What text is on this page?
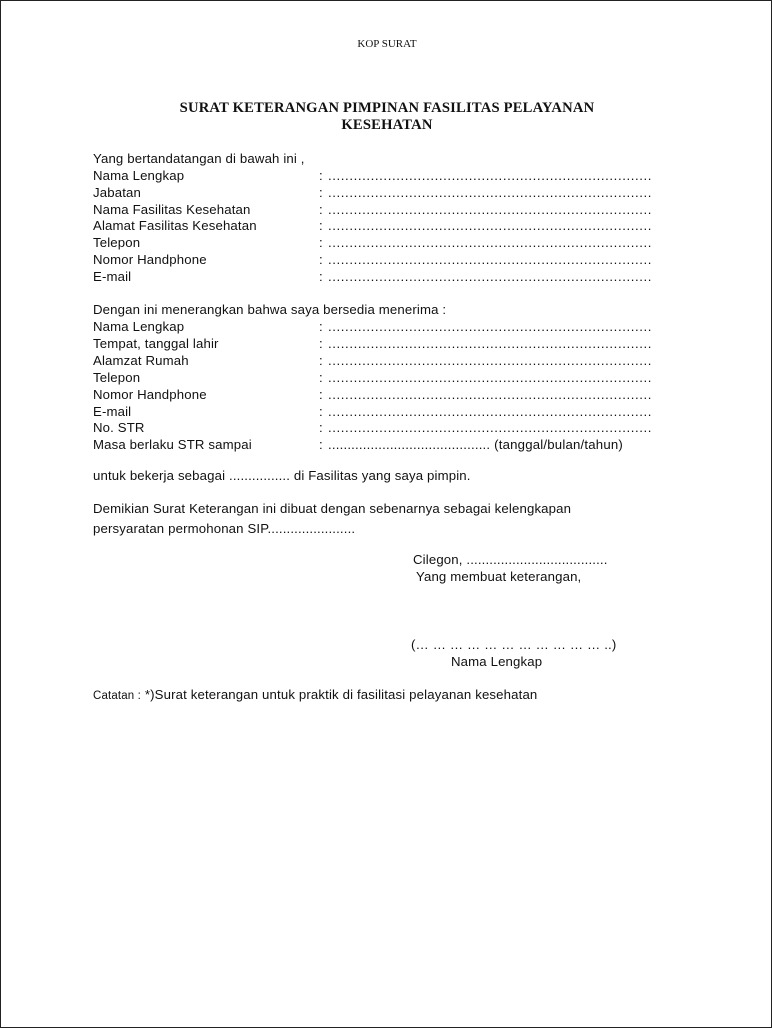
KOP SURAT
SURAT KETERANGAN PIMPINAN FASILITAS PELAYANAN
KESEHATAN
Yang bertandatangan di bawah ini ,
Nama Lengkap	: ............................................................................
Jabatan	: ............................................................................
Nama Fasilitas Kesehatan	: ............................................................................
Alamat Fasilitas Kesehatan	: ............................................................................
Telepon	: ............................................................................
Nomor Handphone	: ............................................................................
E-mail	: ............................................................................
Dengan ini menerangkan bahwa saya bersedia menerima :
Nama Lengkap	: ............................................................................
Tempat, tanggal lahir	: ............................................................................
Alamzat Rumah	: ............................................................................
Telepon	: ............................................................................
Nomor Handphone	: ............................................................................
E-mail	: ............................................................................
No. STR	: ............................................................................
Masa berlaku STR sampai	: .......................................... (tanggal/bulan/tahun)
untuk bekerja sebagai ................ di Fasilitas yang saya pimpin.
Demikian Surat Keterangan ini dibuat dengan sebenarnya sebagai kelengkapan
persyaratan permohonan SIP.......................
Cilegon, .....................................
Yang membuat keterangan,
(… … … … … … … … … … … ..)
Nama Lengkap
Catatan : *)Surat keterangan untuk praktik di fasilitasi pelayanan kesehatan
